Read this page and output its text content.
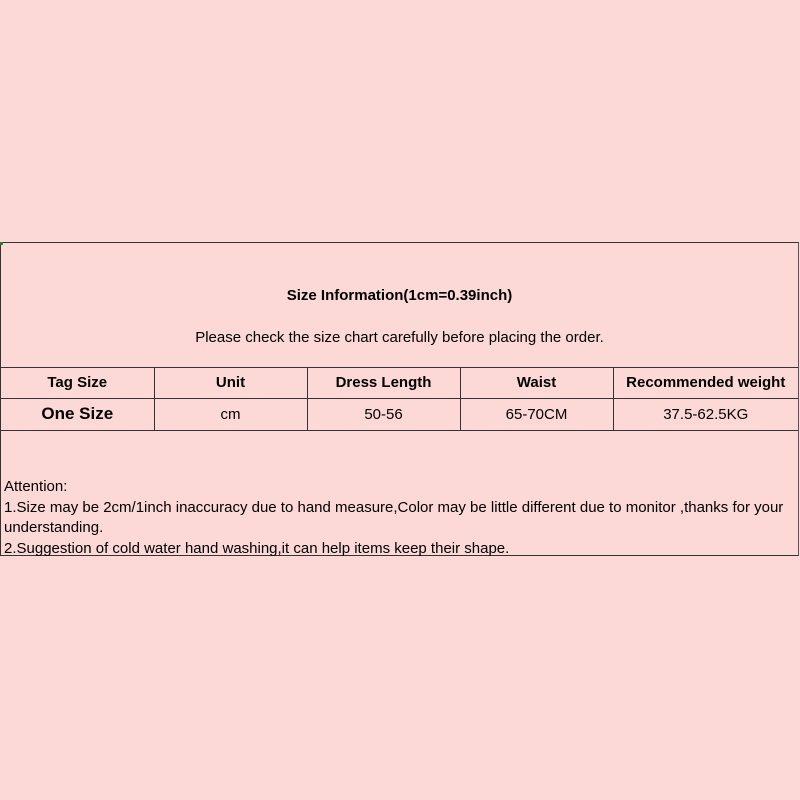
Size Information(1cm=0.39inch)
Please check the size chart carefully before placing the order.
Tag Size	Unit	Dress Length	Waist	Recommended weight
One Size	cm	50-56	65-70CM	37.5-62.5KG
Attention:
1.Size may be 2cm/1inch inaccuracy due to hand measure,Color may be little different due to monitor ,thanks for your understanding.
2.Suggestion of cold water hand washing,it can help items keep their shape.
